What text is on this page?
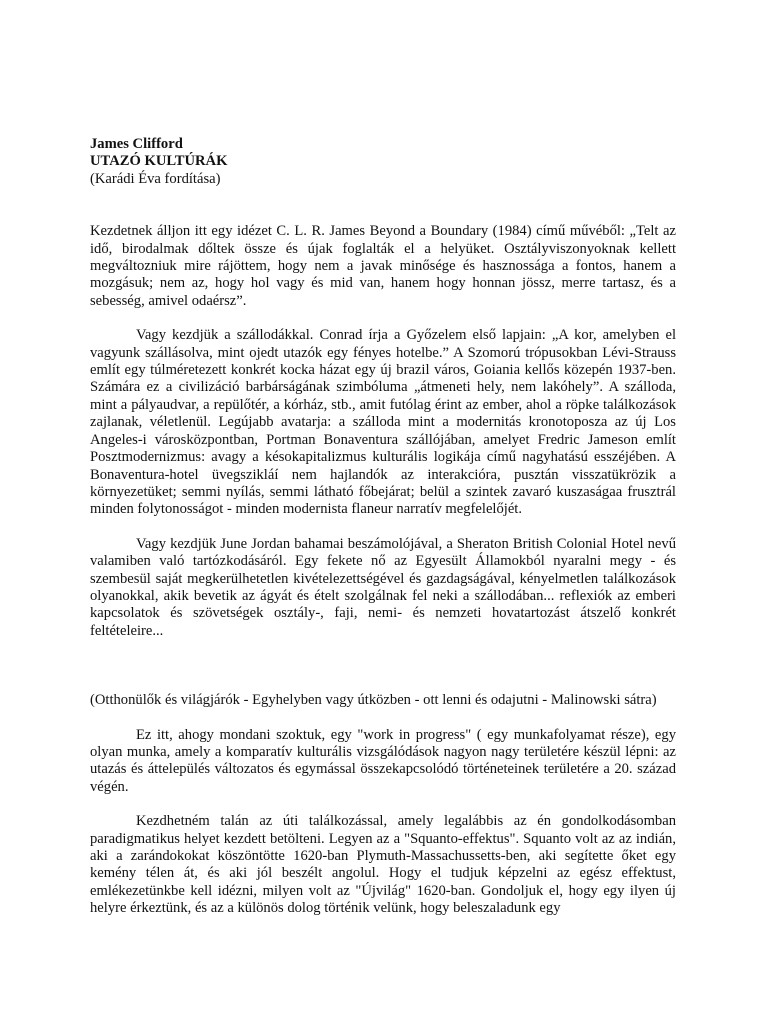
James Clifford

UTAZÓ KULTÚRÁK

(Karádi Éva fordítása)

Kezdetnek álljon itt egy idézet C. L. R. James Beyond a Boundary (1984) című művéből: „Telt az idő, birodalmak dőltek össze és újak foglalták el a helyüket. Osztályviszonyoknak kellett megváltozniuk mire rájöttem, hogy nem a javak minősége és hasznossága a fontos, hanem a mozgásuk; nem az, hogy hol vagy és mid van, hanem hogy honnan jössz, merre tartasz, és a sebesség, amivel odaérsz”.

Vagy kezdjük a szállodákkal. Conrad írja a Győzelem első lapjain: „A kor, amelyben el vagyunk szállásolva, mint ojedt utazók egy fényes hotelbe.” A Szomorú trópusokban Lévi-Strauss említ egy túlméretezett konkrét kocka házat egy új brazil város, Goiania kellős közepén 1937-ben. Számára ez a civilizáció barbárságának szimbóluma „átmeneti hely, nem lakóhely”. A szálloda, mint a pályaudvar, a repülőtér, a kórház, stb., amit futólag érint az ember, ahol a röpke találkozások zajlanak, véletlenül. Legújabb avatarja: a szálloda mint a modernitás kronotoposza az új Los Angeles-i városközpontban, Portman Bonaventura szállójában, amelyet Fredric Jameson említ Posztmodernizmus: avagy a késokapitalizmus kulturális logikája című nagyhatású esszéjében. A Bonaventura-hotel üvegszikláí nem hajlandók az interakcióra, pusztán visszatükrözik a környezetüket; semmi nyílás, semmi látható főbejárat; belül a szintek zavaró kuszaságaa frusztrál minden folytonosságot - minden modernista flaneur narratív megfelelőjét.

Vagy kezdjük June Jordan bahamai beszámolójával, a Sheraton British Colonial Hotel nevű valamiben való tartózkodásáról. Egy fekete nő az Egyesült Államokból nyaralni megy - és szembesül saját megkerülhetetlen kivételezettségével és gazdagságával, kényelmetlen találkozások olyanokkal, akik bevetik az ágyát és ételt szolgálnak fel neki a szállodában... reflexiók az emberi kapcsolatok és szövetségek osztály-, faji, nemi- és nemzeti hovatartozást átszelő konkrét feltételeire...

(Otthonülők és világjárók - Egyhelyben vagy útközben - ott lenni és odajutni - Malinowski sátra)

Ez itt, ahogy mondani szoktuk, egy "work in progress" ( egy munkafolyamat része), egy olyan munka, amely a komparatív kulturális vizsgálódások nagyon nagy területére készül lépni: az utazás és áttelepülés változatos és egymással összekapcsolódó történeteinek területére a 20. század végén.

Kezdhetném talán az úti találkozással, amely legalábbis az én gondolkodásomban paradigmatikus helyet kezdett betölteni. Legyen az a "Squanto-effektus". Squanto volt az az indián, aki a zarándokokat köszöntötte 1620-ban Plymuth-Massachussetts-ben, aki segítette őket egy kemény télen át, és aki jól beszélt angolul. Hogy el tudjuk képzelni az egész effektust, emlékezetünkbe kell idézni, milyen volt az "Újvilág" 1620-ban. Gondoljuk el, hogy egy ilyen új helyre érkeztünk, és az a különös dolog történik velünk, hogy beleszaladunk egy
